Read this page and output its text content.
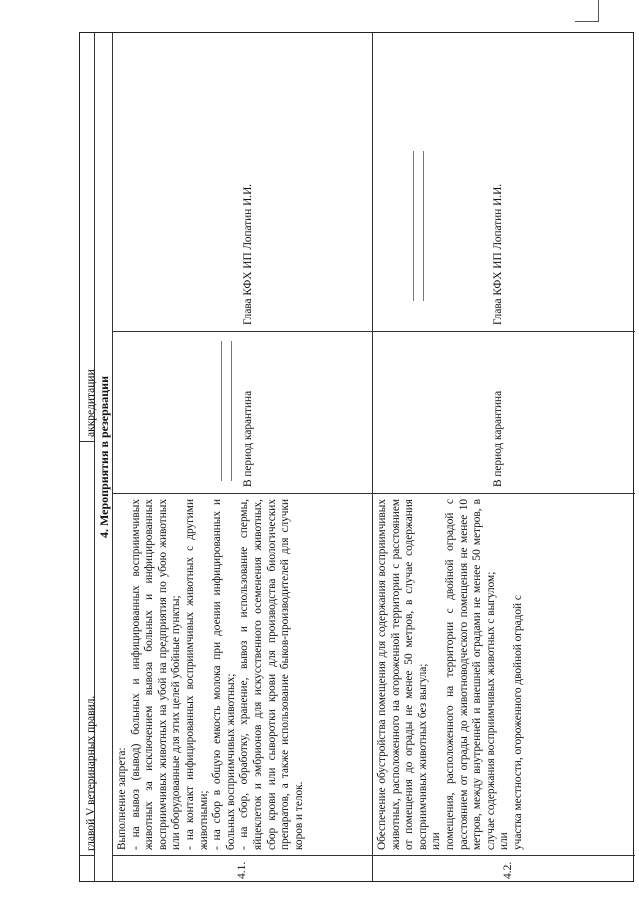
главой V ветеринарных правил.
аккредитации 4. Мероприятия в резервации
4.1.

Выполнение запрета: - на вывоз (вывод) больных и инфицированных восприимчивых животных за исключением вывоза больных и инфицированных восприимчивых животных на убой на предприятия по убою животных или оборудованные для этих целей убойные пункты; - на контакт инфицированных восприимчивых животных с другими животными; - на сбор в общую емкость молока при доении инфицированных и больных восприимчивых животных; - на сбор, обработку, хранение, вывоз и использование спермы, яйцеклеток и эмбрионов для искусственного осеменения животных, сбор крови или сыворотки крови для производства биологических препаратов, а также использование быков-производителей для случки коров и телок.

В период карантина
Глава КФХ ИП Лопатин И.И.
4.2.

Обеспечение обустройства помещения для содержания восприимчивых животных, расположенного на огороженной территории с расстоянием от помещения до ограды не менее 50 метров, в случае содержания восприимчивых животных без выгула; или помещения, расположенного на территории с двойной оградой с расстоянием от ограды до животноводческого помещения не менее 10 метров, между внутренней и внешней оградами не менее 50 метров, в случае содержания восприимчивых животных с выгулом; или участка местности, огороженного двойной оградой с

В период карантина
Глава КФХ ИП Лопатин И.И.
